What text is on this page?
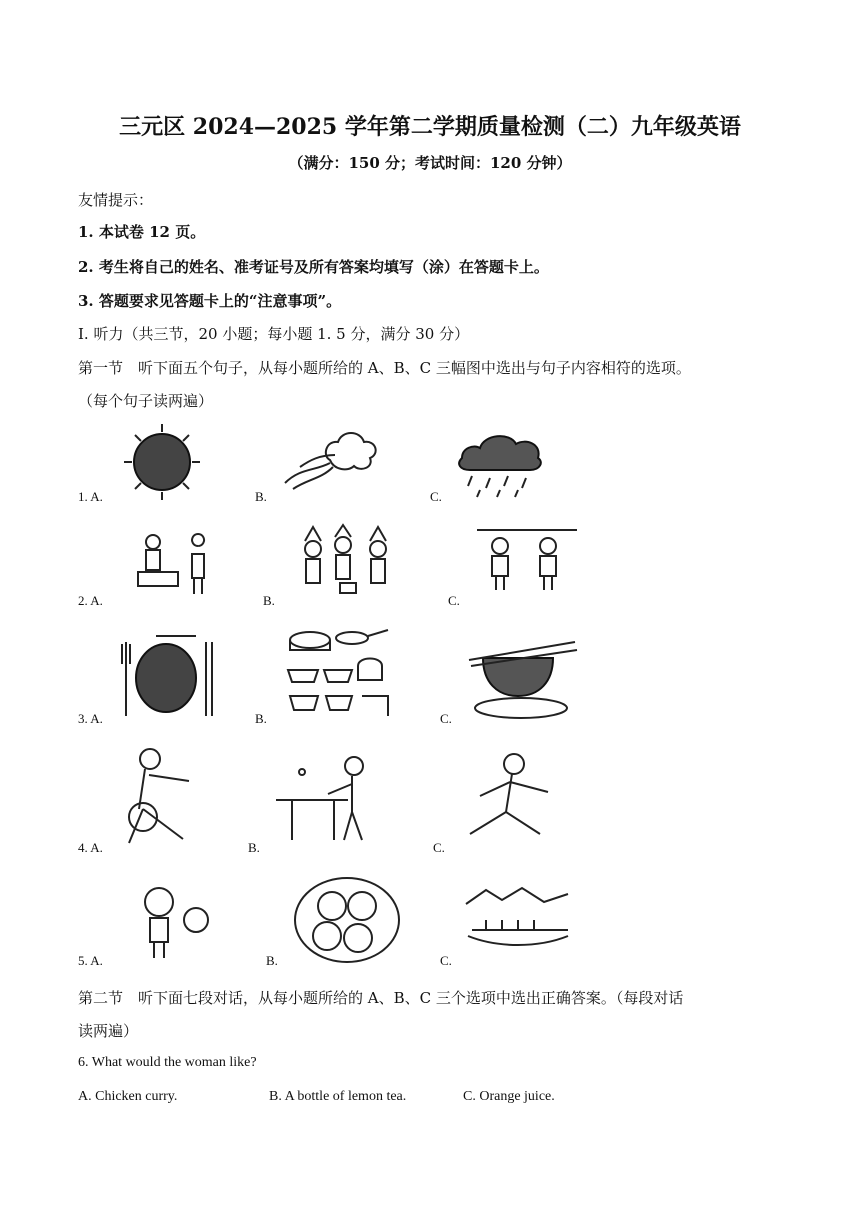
三元区 2024—2025 学年第二学期质量检测（二）九年级英语
（满分：150 分；考试时间：120 分钟）
友情提示：
1. 本试卷 12 页。
2. 考生将自己的姓名、准考证号及所有答案均填写（涂）在答题卡上。
3. 答题要求见答题卡上的“注意事项”。
Ⅰ. 听力（共三节，20 小题；每小题 1. 5 分，满分 30 分）
第一节　听下面五个句子，从每小题所给的 A、B、C 三幅图中选出与句子内容相符的选项。
（每个句子读两遍）
1. A.	B.	C.
2. A.	B.	C.
3. A.	B.	C.
4. A.	B.	C.
5. A.	B.	C.
第二节　听下面七段对话，从每小题所给的 A、B、C 三个选项中选出正确答案。（每段对话
读两遍）
6. What would the woman like?
A. Chicken curry.	B. A bottle of lemon tea.	C. Orange juice.
